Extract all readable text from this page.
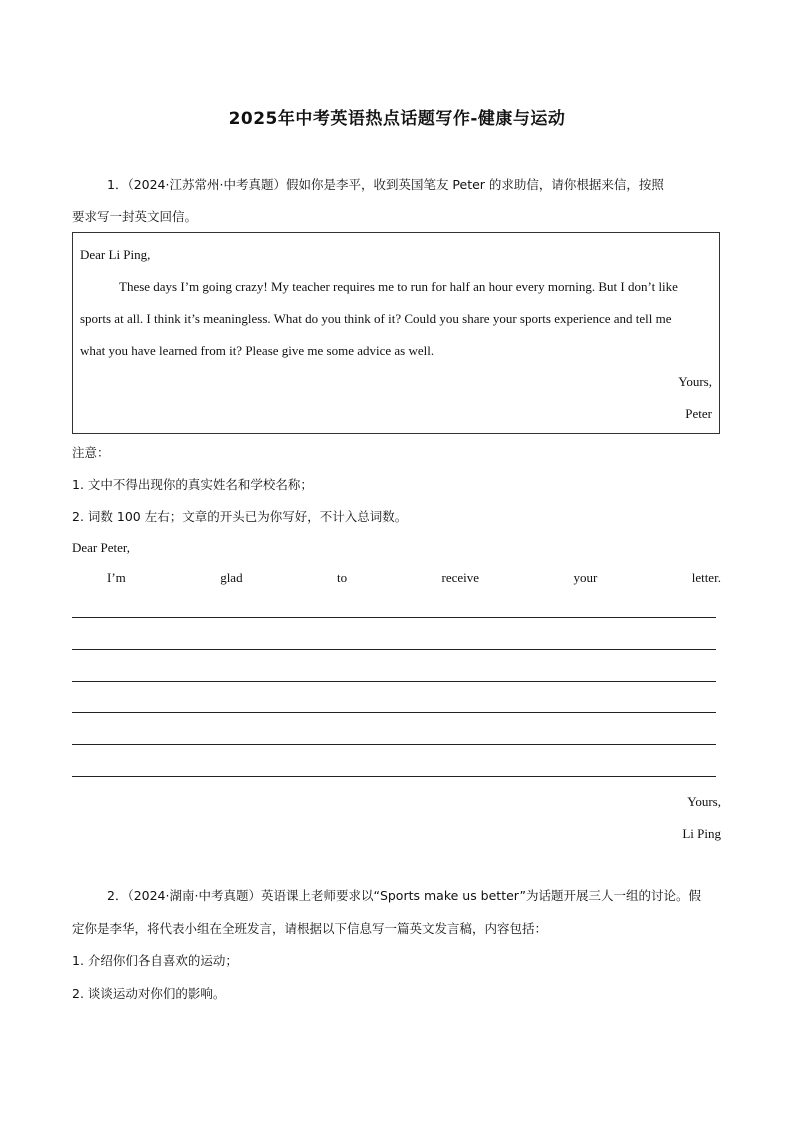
2025年中考英语热点话题写作-健康与运动
1．（2024·江苏常州·中考真题）假如你是李平，收到英国笔友 Peter 的求助信，请你根据来信，按照
要求写一封英文回信。
Dear Li Ping,
These days I’m going crazy! My teacher requires me to run for half an hour every morning. But I don’t like
sports at all. I think it’s meaningless. What do you think of it? Could you share your sports experience and tell me
what you have learned from it? Please give me some advice as well.
Yours,
Peter
注意：
1. 文中不得出现你的真实姓名和学校名称；
2. 词数 100 左右；文章的开头已为你写好，不计入总词数。
Dear Peter,
I’m	glad	to	receive	your	letter.
Yours,
Li Ping
2．（2024·湖南·中考真题）英语课上老师要求以“Sports make us better”为话题开展三人一组的讨论。假
定你是李华，将代表小组在全班发言，请根据以下信息写一篇英文发言稿，内容包括：
1. 介绍你们各自喜欢的运动；
2. 谈谈运动对你们的影响。
